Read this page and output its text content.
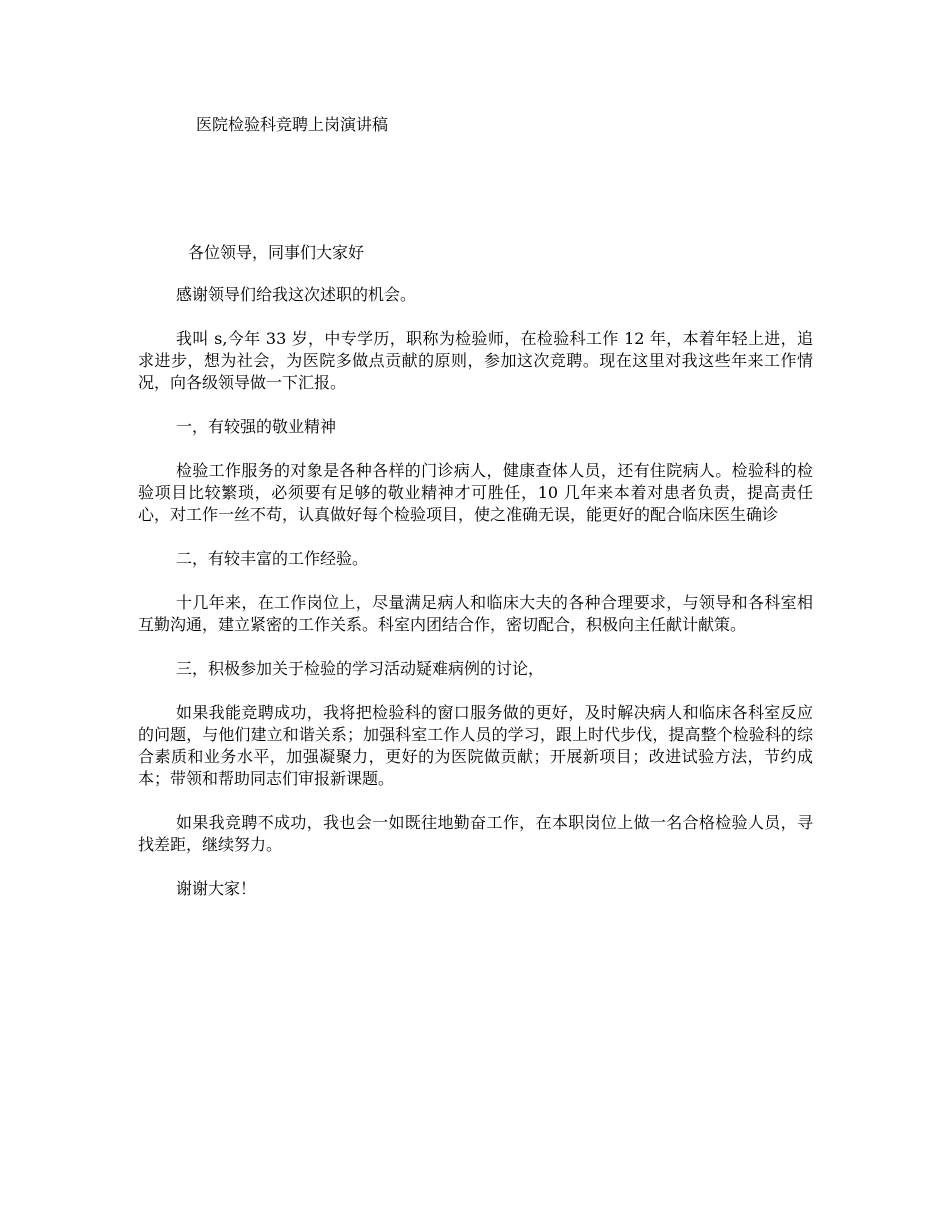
医院检验科竞聘上岗演讲稿
各位领导，同事们大家好

感谢领导们给我这次述职的机会。

我叫 s,今年 33 岁，中专学历，职称为检验师，在检验科工作 12 年，本着年轻上进，追求进步，想为社会，为医院多做点贡献的原则，参加这次竞聘。现在这里对我这些年来工作情况，向各级领导做一下汇报。

一，有较强的敬业精神

检验工作服务的对象是各种各样的门诊病人，健康查体人员，还有住院病人。检验科的检验项目比较繁琐，必须要有足够的敬业精神才可胜任，10 几年来本着对患者负责，提高责任心，对工作一丝不苟，认真做好每个检验项目，使之准确无误，能更好的配合临床医生确诊

二，有较丰富的工作经验。

十几年来，在工作岗位上，尽量满足病人和临床大夫的各种合理要求，与领导和各科室相互勤沟通，建立紧密的工作关系。科室内团结合作，密切配合，积极向主任献计献策。

三，积极参加关于检验的学习活动疑难病例的讨论，

如果我能竞聘成功，我将把检验科的窗口服务做的更好，及时解决病人和临床各科室反应的问题，与他们建立和谐关系；加强科室工作人员的学习，跟上时代步伐，提高整个检验科的综合素质和业务水平，加强凝聚力，更好的为医院做贡献；开展新项目；改进试验方法，节约成本；带领和帮助同志们审报新课题。

如果我竞聘不成功，我也会一如既往地勤奋工作，在本职岗位上做一名合格检验人员，寻找差距，继续努力。

谢谢大家！
